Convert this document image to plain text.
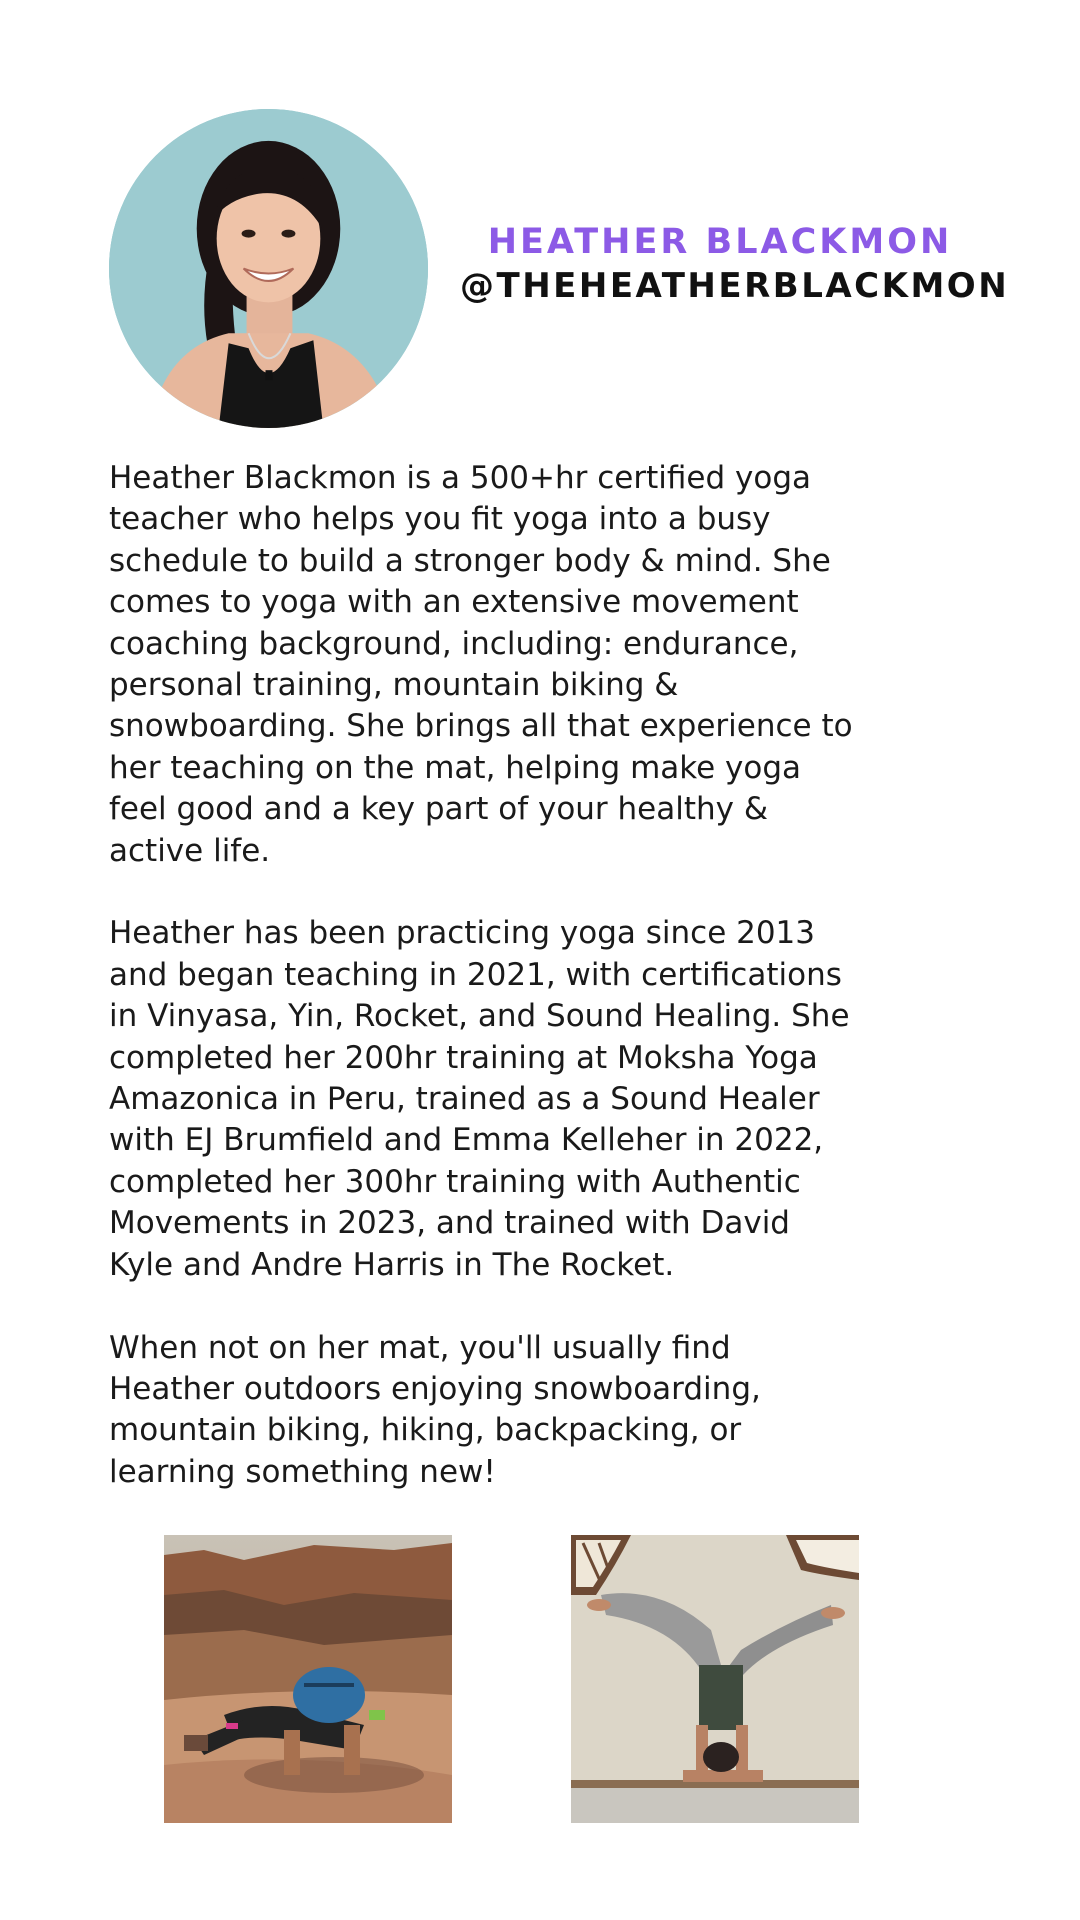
HEATHER BLACKMON
@THEHEATHERBLACKMON

Heather Blackmon is a 500+hr certified yoga
teacher who helps you fit yoga into a busy
schedule to build a stronger body & mind. She
comes to yoga with an extensive movement
coaching background, including: endurance,
personal training, mountain biking &
snowboarding. She brings all that experience to
her teaching on the mat, helping make yoga
feel good and a key part of your healthy &
active life.

Heather has been practicing yoga since 2013
and began teaching in 2021, with certifications
in Vinyasa, Yin, Rocket, and Sound Healing. She
completed her 200hr training at Moksha Yoga
Amazonica in Peru, trained as a Sound Healer
with EJ Brumfield and Emma Kelleher in 2022,
completed her 300hr training with Authentic
Movements in 2023, and trained with David
Kyle and Andre Harris in The Rocket.

When not on her mat, you'll usually find
Heather outdoors enjoying snowboarding,
mountain biking, hiking, backpacking, or
learning something new!
